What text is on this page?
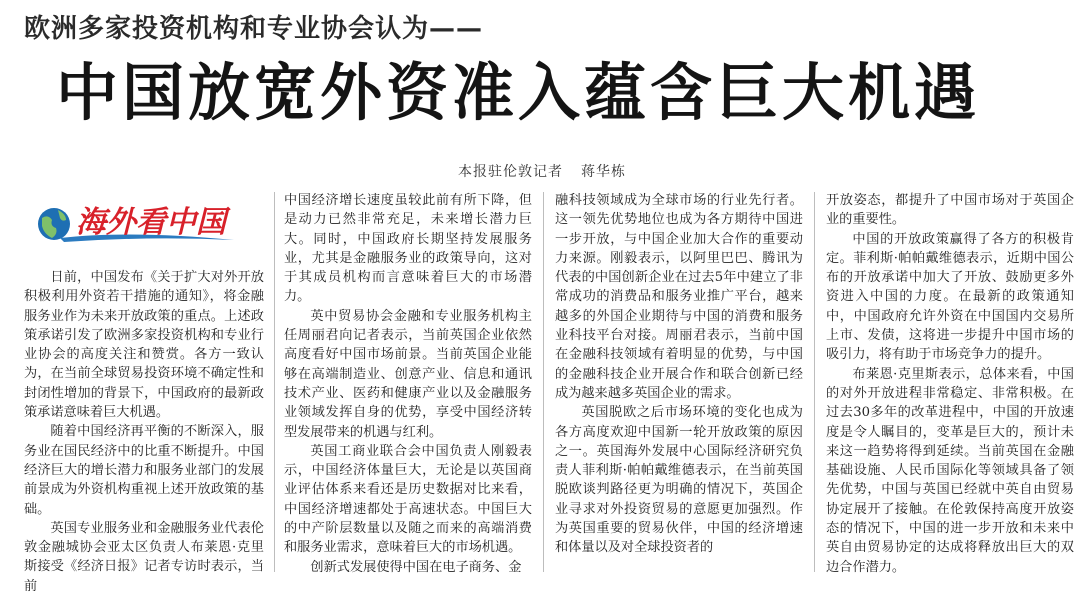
欧洲多家投资机构和专业协会认为——
中国放宽外资准入蕴含巨大机遇
本报驻伦敦记者 蒋华栋
海外看中国

日前，中国发布《关于扩大对外开放积极利用外资若干措施的通知》，将金融服务业作为未来开放政策的重点。上述政策承诺引发了欧洲多家投资机构和专业行业协会的高度关注和赞赏。各方一致认为，在当前全球贸易投资环境不确定性和封闭性增加的背景下，中国政府的最新政策承诺意味着巨大机遇。

随着中国经济再平衡的不断深入，服务业在国民经济中的比重不断提升。中国经济巨大的增长潜力和服务业部门的发展前景成为外资机构重视上述开放政策的基础。

英国专业服务业和金融服务业代表伦敦金融城协会亚太区负责人布莱恩·克里斯接受《经济日报》记者专访时表示，当前

中国经济增长速度虽较此前有所下降，但是动力已然非常充足，未来增长潜力巨大。同时，中国政府长期坚持发展服务业，尤其是金融服务业的政策导向，这对于其成员机构而言意味着巨大的市场潜力。

英中贸易协会金融和专业服务机构主任周丽君向记者表示，当前英国企业依然高度看好中国市场前景。当前英国企业能够在高端制造业、创意产业、信息和通讯技术产业、医药和健康产业以及金融服务业领域发挥自身的优势，享受中国经济转型发展带来的机遇与红利。

英国工商业联合会中国负责人刚毅表示，中国经济体量巨大，无论是以英国商业评估体系来看还是历史数据对比来看，中国经济增速都处于高速状态。中国巨大的中产阶层数量以及随之而来的高端消费和服务业需求，意味着巨大的市场机遇。

创新式发展使得中国在电子商务、金

融科技领域成为全球市场的行业先行者。这一领先优势地位也成为各方期待中国进一步开放，与中国企业加大合作的重要动力来源。刚毅表示，以阿里巴巴、腾讯为代表的中国创新企业在过去5年中建立了非常成功的消费品和服务业推广平台，越来越多的外国企业期待与中国的消费和服务业科技平台对接。周丽君表示，当前中国在金融科技领域有着明显的优势，与中国的金融科技企业开展合作和联合创新已经成为越来越多英国企业的需求。

英国脱欧之后市场环境的变化也成为各方高度欢迎中国新一轮开放政策的原因之一。英国海外发展中心国际经济研究负责人菲利斯·帕帕戴维德表示，在当前英国脱欧谈判路径更为明确的情况下，英国企业寻求对外投资贸易的意愿更加强烈。作为英国重要的贸易伙伴，中国的经济增速和体量以及对全球投资者的

开放姿态，都提升了中国市场对于英国企业的重要性。

中国的开放政策赢得了各方的积极肯定。菲利斯·帕帕戴维德表示，近期中国公布的开放承诺中加大了开放、鼓励更多外资进入中国的力度。在最新的政策通知中，中国政府允许外资在中国国内交易所上市、发债，这将进一步提升中国市场的吸引力，将有助于市场竞争力的提升。

布莱恩·克里斯表示，总体来看，中国的对外开放进程非常稳定、非常积极。在过去30多年的改革进程中，中国的开放速度是令人瞩目的，变革是巨大的，预计未来这一趋势将得到延续。当前英国在金融基础设施、人民币国际化等领域具备了领先优势，中国与英国已经就中英自由贸易协定展开了接触。在伦敦保持高度开放姿态的情况下，中国的进一步开放和未来中英自由贸易协定的达成将释放出巨大的双边合作潜力。
